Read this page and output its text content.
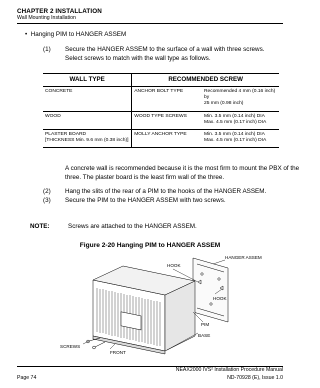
CHAPTER 2 INSTALLATION
Wall Mounting Installation
• Hanging PIM to HANGER ASSEM
(1) Secure the HANGER ASSEM to the surface of a wall with three screws.
Select screws to match with the wall type as follows.
WALL TYPE	RECOMMENDED SCREW	
CONCRETE	ANCHOR BOLT TYPE	Recommended 4 mm (0.16 inch) by
25 mm (0.98 inch)
WOOD	WOOD TYPE SCREWS	Min. 3.5 mm (0.14 inch) DIA
Max. 4.5 mm (0.17 inch) DIA
PLASTER BOARD
[THICKNESS Min. 9.6 mm (0.38 inch)]	MOLLY ANCHOR TYPE	Min. 3.5 mm (0.14 inch) DIA
Max. 4.5 mm (0.17 inch) DIA
A concrete wall is recommended because it is the most firm to mount the PBX of the
three. The plaster board is the least firm wall of the three.
(2) Hang the slits of the rear of a PIM to the hooks of the HANGER ASSEM.
(3) Secure the PIM to the HANGER ASSEM with two screws.
NOTE:	Screws are attached to the HANGER ASSEM.
Figure 2-20 Hanging PIM to HANGER ASSEM
HANGER ASSEM
HOOK
HOOK
PIM
BASE
SCREWS
FRONT
NEAX2000 IVS² Installation Procedure Manual
Page 74	ND-70928 (E), Issue 1.0
